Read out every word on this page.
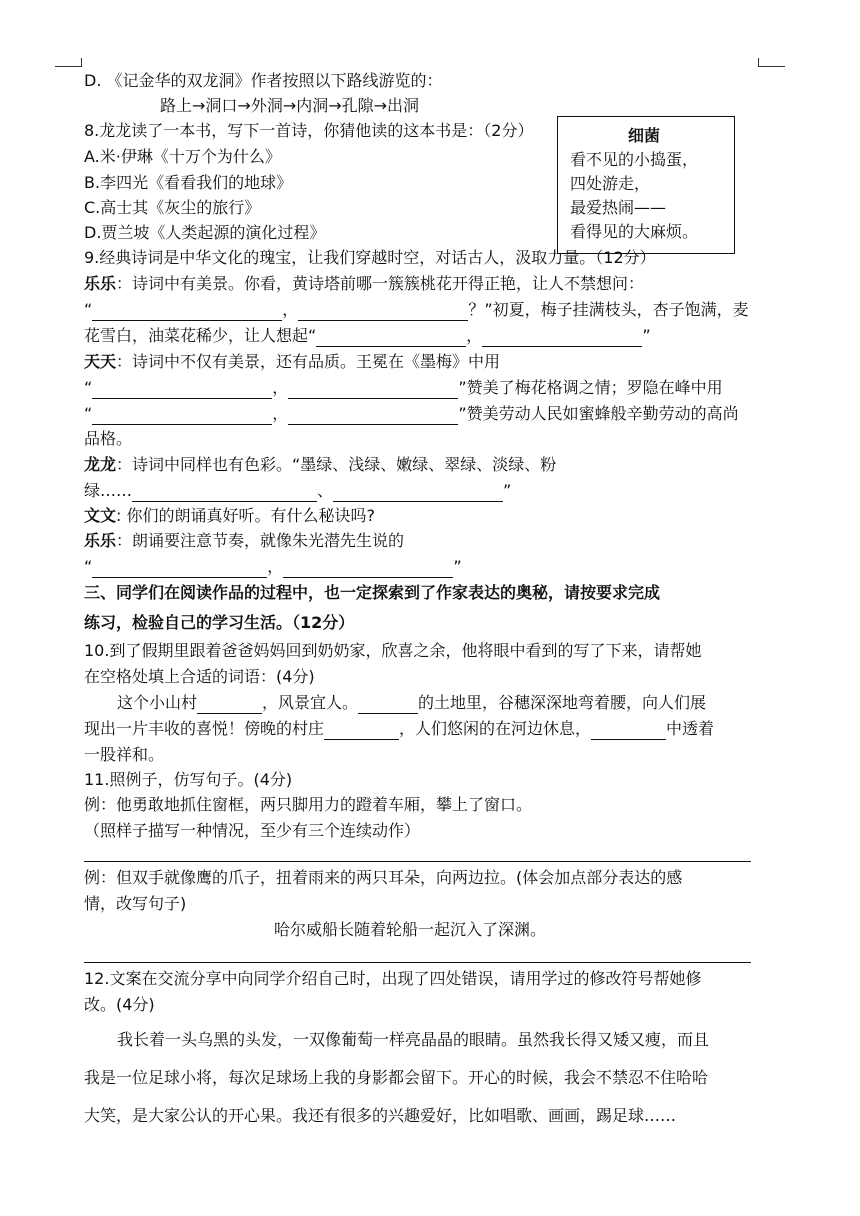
D. 《记金华的双龙洞》作者按照以下路线游览的：
路上→洞口→外洞→内洞→孔隙→出洞
8.龙龙读了一本书，写下一首诗，你猜他读的这本书是：（2分）
A.米·伊琳《十万个为什么》
B.李四光《看看我们的地球》
C.高士其《灰尘的旅行》
D.贾兰坡《人类起源的演化过程》
细菌
看不见的小捣蛋，
四处游走，
最爱热闹——
看得见的大麻烦。
9.经典诗词是中华文化的瑰宝，让我们穿越时空，对话古人，汲取力量。（12分）
乐乐：诗词中有美景。你看，黄诗塔前哪一簇簇桃花开得正艳，让人不禁想问：
“	，	？”初夏，梅子挂满枝头，杏子饱满，麦
花雪白，油菜花稀少，让人想起“	，	”
天天：诗词中不仅有美景，还有品质。王冕在《墨梅》中用
“	，	”赞美了梅花格调之情；罗隐在峰中用
“	，	”赞美劳动人民如蜜蜂般辛勤劳动的高尚
品格。
龙龙：诗词中同样也有色彩。“墨绿、浅绿、嫩绿、翠绿、淡绿、粉
绿……	、	”
文文: 你们的朗诵真好听。有什么秘诀吗?
乐乐：朗诵要注意节奏，就像朱光潜先生说的
“	，	”
三、同学们在阅读作品的过程中，也一定探索到了作家表达的奥秘，请按要求完成
练习，检验自己的学习生活。（12分）
10.到了假期里跟着爸爸妈妈回到奶奶家，欣喜之余，他将眼中看到的写了下来，请帮她
在空格处填上合适的词语：(4分)
这个小山村	，风景宜人。	的土地里，谷穗深深地弯着腰，向人们展
现出一片丰收的喜悦！傍晚的村庄	，人们悠闲的在河边休息，	中透着
一股祥和。
11.照例子，仿写句子。(4分)
例：他勇敢地抓住窗框，两只脚用力的蹬着车厢，攀上了窗口。
（照样子描写一种情况，至少有三个连续动作）
例：但双手就像鹰的爪子，扭着雨来的两只耳朵，向两边拉。(体会加点部分表达的感
情，改写句子)
哈尔威船长随着轮船一起沉入了深渊。
12.文案在交流分享中向同学介绍自己时，出现了四处错误，请用学过的修改符号帮她修
改。(4分)
我长着一头乌黑的头发，一双像葡萄一样亮晶晶的眼睛。虽然我长得又矮又瘦，而且
我是一位足球小将，每次足球场上我的身影都会留下。开心的时候，我会不禁忍不住哈哈
大笑，是大家公认的开心果。我还有很多的兴趣爱好，比如唱歌、画画，踢足球……
